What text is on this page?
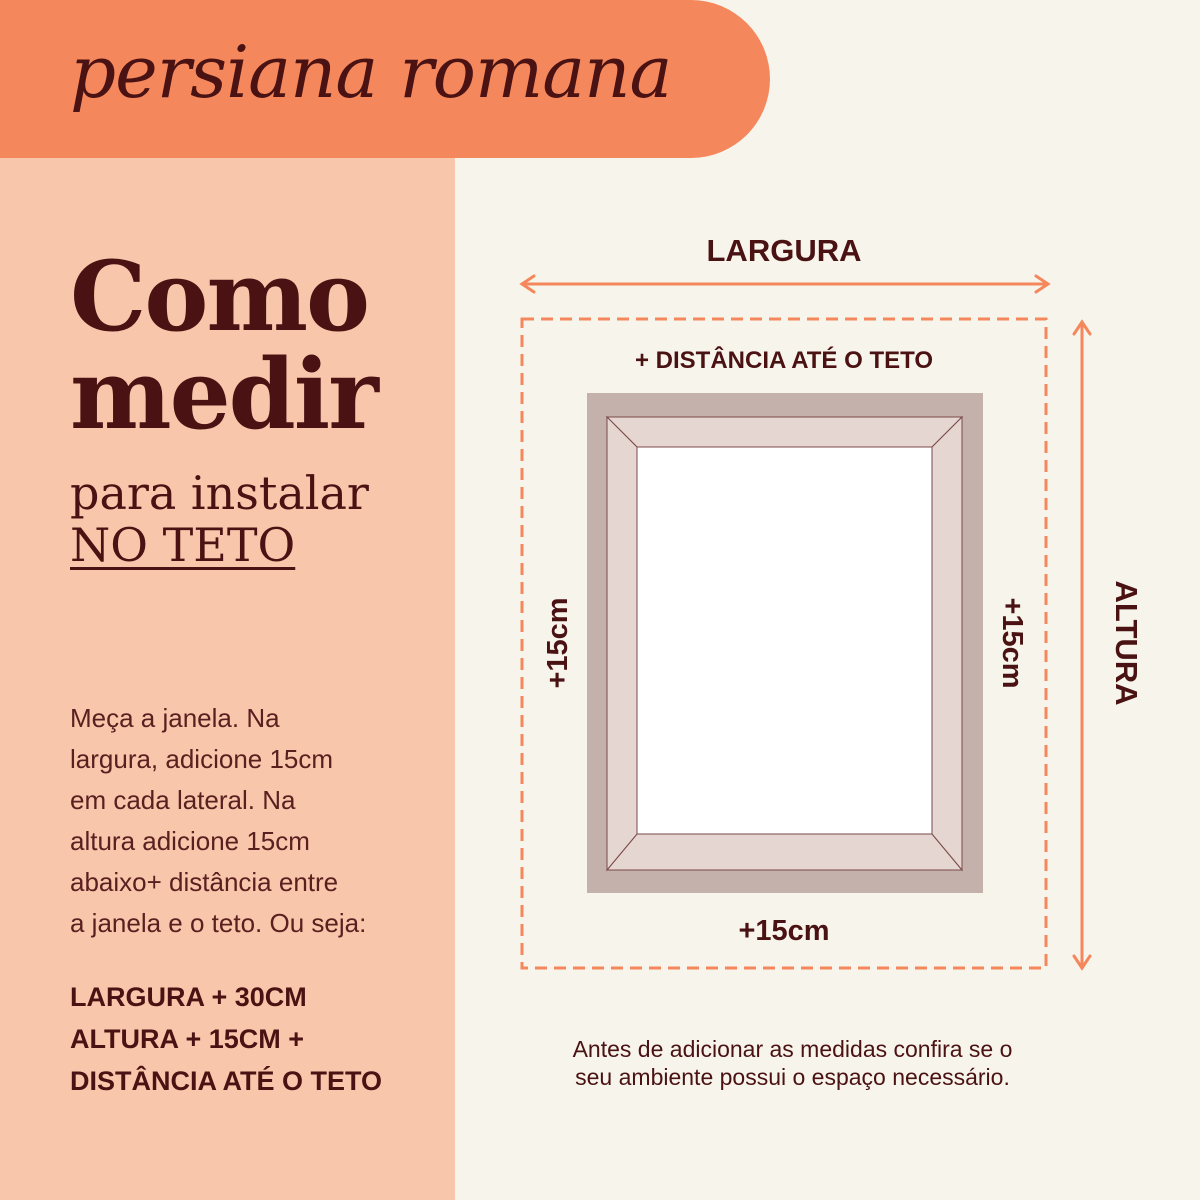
persiana romana
Como
medir
para instalar
NO TETO
Meça a janela. Na
largura, adicione 15cm
em cada lateral. Na
altura adicione 15cm
abaixo+ distância entre
a janela e o teto. Ou seja:
LARGURA + 30CM
ALTURA + 15CM +
DISTÂNCIA ATÉ O TETO
LARGURA
+ DISTÂNCIA ATÉ O TETO
+15cm
+15cm	+15cm	ALTURA
Antes de adicionar as medidas confira se o
seu ambiente possui o espaço necessário.
